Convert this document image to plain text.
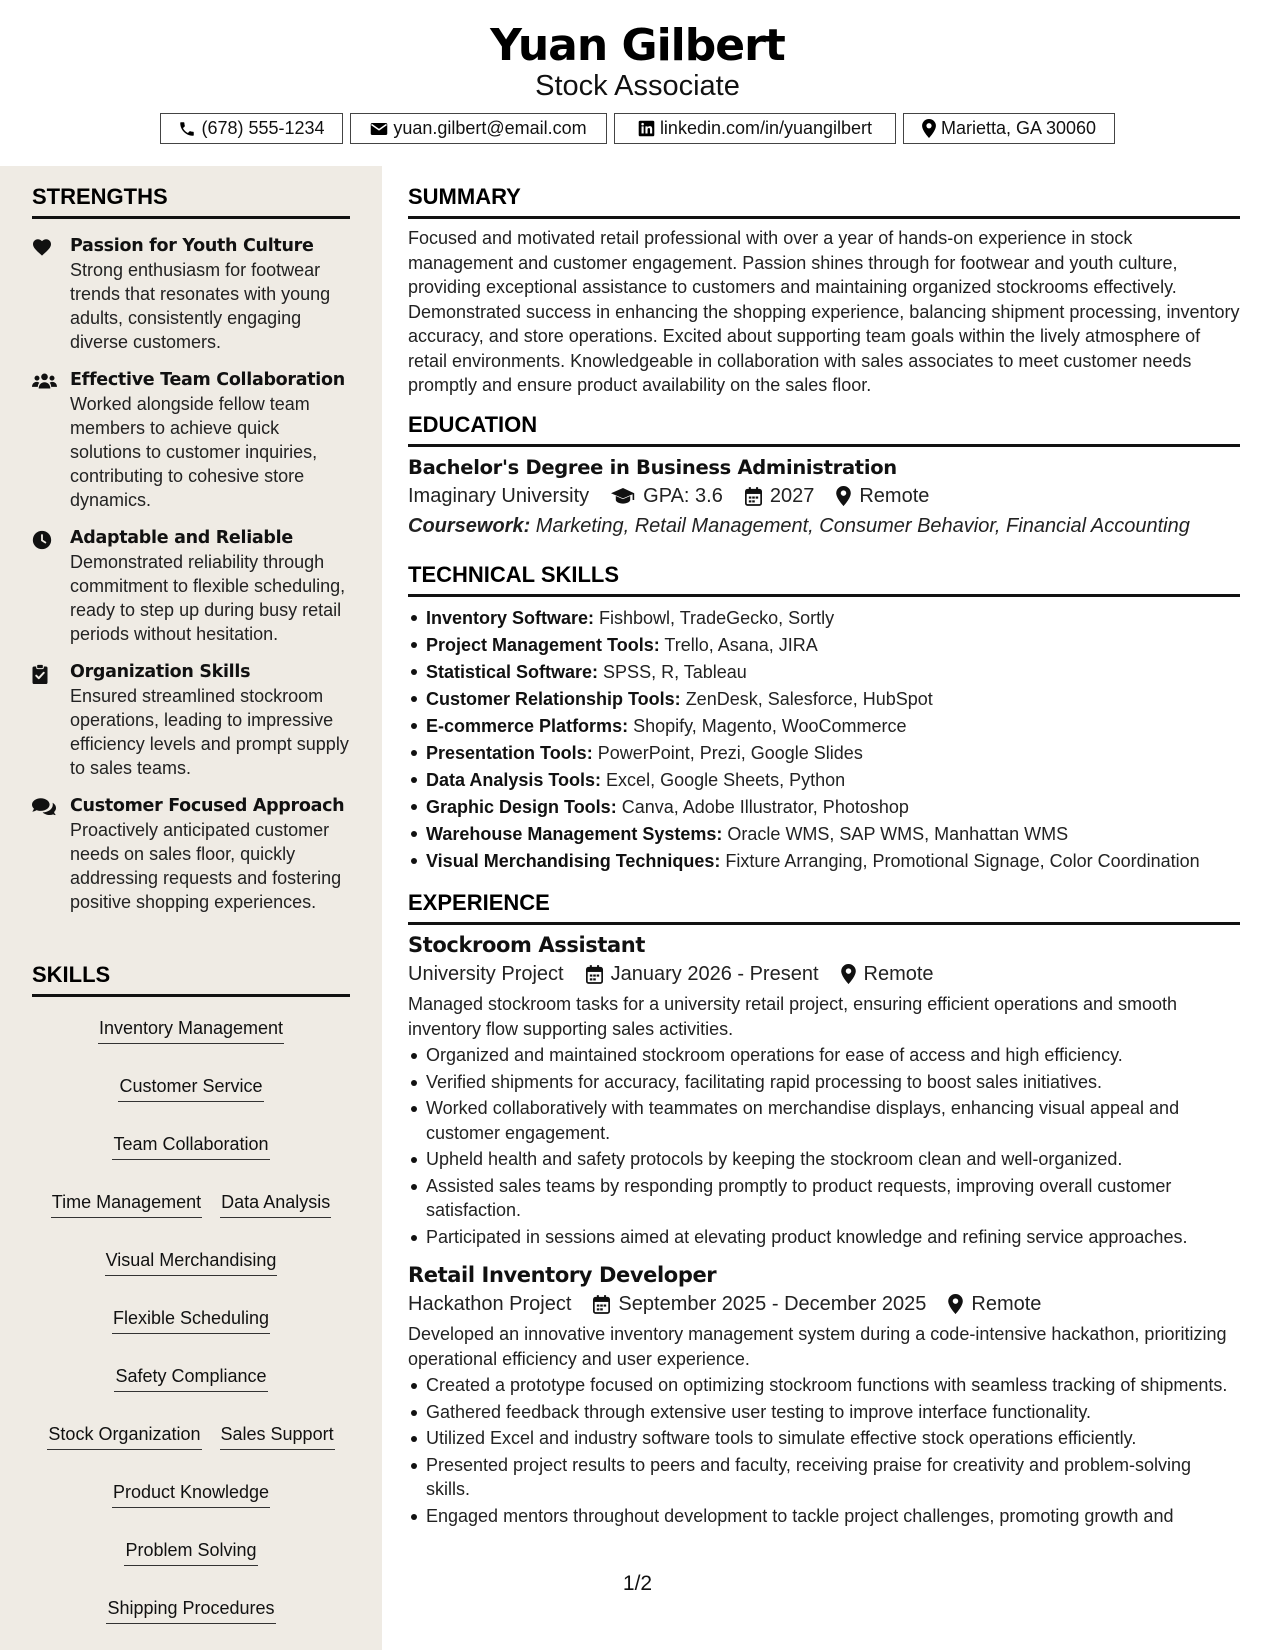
Yuan Gilbert
Stock Associate
(678) 555-1234	yuan.gilbert@email.com	linkedin.com/in/yuangilbert	Marietta, GA 30060
STRENGTHS
Passion for Youth Culture
Strong enthusiasm for footwear trends that resonates with young adults, consistently engaging diverse customers.
Effective Team Collaboration
Worked alongside fellow team members to achieve quick solutions to customer inquiries, contributing to cohesive store dynamics.
Adaptable and Reliable
Demonstrated reliability through commitment to flexible scheduling, ready to step up during busy retail periods without hesitation.
Organization Skills
Ensured streamlined stockroom operations, leading to impressive efficiency levels and prompt supply to sales teams.
Customer Focused Approach
Proactively anticipated customer needs on sales floor, quickly addressing requests and fostering positive shopping experiences.
SKILLS
Inventory Management
Customer Service
Team Collaboration
Time Management Data Analysis
Visual Merchandising
Flexible Scheduling
Safety Compliance
Stock Organization Sales Support
Product Knowledge
Problem Solving
Shipping Procedures
SUMMARY
Focused and motivated retail professional with over a year of hands-on experience in stock management and customer engagement. Passion shines through for footwear and youth culture, providing exceptional assistance to customers and maintaining organized stockrooms effectively. Demonstrated success in enhancing the shopping experience, balancing shipment processing, inventory accuracy, and store operations. Excited about supporting team goals within the lively atmosphere of retail environments. Knowledgeable in collaboration with sales associates to meet customer needs promptly and ensure product availability on the sales floor.
EDUCATION
Bachelor's Degree in Business Administration
Imaginary University	GPA: 3.6 2027 Remote
Coursework: Marketing, Retail Management, Consumer Behavior, Financial Accounting
TECHNICAL SKILLS
Inventory Software: Fishbowl, TradeGecko, Sortly
Project Management Tools: Trello, Asana, JIRA
Statistical Software: SPSS, R, Tableau
Customer Relationship Tools: ZenDesk, Salesforce, HubSpot
E-commerce Platforms: Shopify, Magento, WooCommerce
Presentation Tools: PowerPoint, Prezi, Google Slides
Data Analysis Tools: Excel, Google Sheets, Python
Graphic Design Tools: Canva, Adobe Illustrator, Photoshop
Warehouse Management Systems: Oracle WMS, SAP WMS, Manhattan WMS
Visual Merchandising Techniques: Fixture Arranging, Promotional Signage, Color Coordination
EXPERIENCE
Stockroom Assistant
University Project January 2026 - Present Remote
Managed stockroom tasks for a university retail project, ensuring efficient operations and smooth inventory flow supporting sales activities.
Organized and maintained stockroom operations for ease of access and high efficiency.
Verified shipments for accuracy, facilitating rapid processing to boost sales initiatives.
Worked collaboratively with teammates on merchandise displays, enhancing visual appeal and customer engagement.
Upheld health and safety protocols by keeping the stockroom clean and well-organized.
Assisted sales teams by responding promptly to product requests, improving overall customer satisfaction.
Participated in sessions aimed at elevating product knowledge and refining service approaches.
Retail Inventory Developer
Hackathon Project September 2025 - December 2025 Remote
Developed an innovative inventory management system during a code-intensive hackathon, prioritizing operational efficiency and user experience.
Created a prototype focused on optimizing stockroom functions with seamless tracking of shipments.
Gathered feedback through extensive user testing to improve interface functionality.
Utilized Excel and industry software tools to simulate effective stock operations efficiently.
Presented project results to peers and faculty, receiving praise for creativity and problem-solving skills.
Engaged mentors throughout development to tackle project challenges, promoting growth and
1/2
